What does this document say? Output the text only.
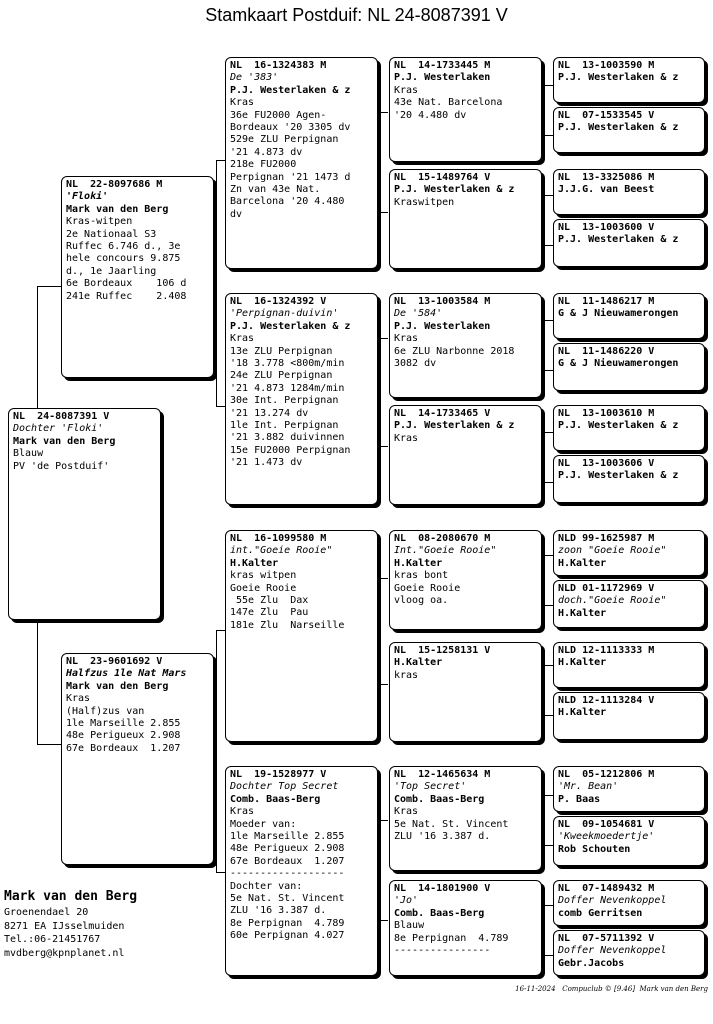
Stamkaart Postduif: NL 24-8087391 V
NL  24-8087391 V
Dochter 'Floki'
Mark van den Berg
Blauw
PV 'de Postduif'
NL  22-8097686 M
'Floki'
Mark van den Berg
Kras-witpen
2e Nationaal S3
Ruffec 6.746 d., 3e
hele concours 9.875
d., 1e Jaarling
6e Bordeaux    106 d
241e Ruffec    2.408
NL  23-9601692 V
Halfzus 1le Nat Mars
Mark van den Berg
Kras
(Half)zus van
1le Marseille 2.855
48e Perigueux 2.908
67e Bordeaux  1.207
NL  16-1324383 M
De '383'
P.J. Westerlaken & z
Kras
36e FU2000 Agen-
Bordeaux '20 3305 dv
529e ZLU Perpignan
'21 4.873 dv
218e FU2000
Perpignan '21 1473 d
Zn van 43e Nat.
Barcelona '20 4.480
dv
NL  16-1324392 V
'Perpignan-duivin'
P.J. Westerlaken & z
Kras
13e ZLU Perpignan
'18 3.778 <800m/min
24e ZLU Perpignan
'21 4.873 1284m/min
30e Int. Perpignan
'21 13.274 dv
1le Int. Perpignan
'21 3.882 duivinnen
15e FU2000 Perpignan
'21 1.473 dv
NL  16-1099580 M
int."Goeie Rooie"
H.Kalter
kras witpen
Goeie Rooie
55e Zlu  Dax
147e Zlu  Pau
181e Zlu  Narseille
NL  19-1528977 V
Dochter Top Secret
Comb. Baas-Berg
Kras
Moeder van:
1le Marseille 2.855
48e Perigueux 2.908
67e Bordeaux  1.207
-------------------
Dochter van:
5e Nat. St. Vincent
ZLU '16 3.387 d.
8e Perpignan  4.789
60e Perpignan 4.027
NL  14-1733445 M
P.J. Westerlaken
Kras
43e Nat. Barcelona
'20 4.480 dv
NL  15-1489764 V
P.J. Westerlaken & z
Kraswitpen
NL  13-1003584 M
De '584'
P.J. Westerlaken
Kras
6e ZLU Narbonne 2018
3082 dv
NL  14-1733465 V
P.J. Westerlaken & z
Kras
NL  08-2080670 M
Int."Goeie Rooie"
H.Kalter
kras bont
Goeie Rooie
vloog oa.
NL  15-1258131 V
H.Kalter
kras
NL  12-1465634 M
'Top Secret'
Comb. Baas-Berg
Kras
5e Nat. St. Vincent
ZLU '16 3.387 d.
NL  14-1801900 V
'Jo'
Comb. Baas-Berg
Blauw
8e Perpignan  4.789
----------------
NL  13-1003590 M
P.J. Westerlaken & z
NL  07-1533545 V
P.J. Westerlaken & z
NL  13-3325086 M
J.J.G. van Beest
NL  13-1003600 V
P.J. Westerlaken & z
NL  11-1486217 M
G & J Nieuwamerongen
NL  11-1486220 V
G & J Nieuwamerongen
NL  13-1003610 M
P.J. Westerlaken & z
NL  13-1003606 V
P.J. Westerlaken & z
NLD 99-1625987 M
zoon "Goeie Rooie"
H.Kalter
NLD 01-1172969 V
doch."Goeie Rooie"
H.Kalter
NLD 12-1113333 M
H.Kalter
NLD 12-1113284 V
H.Kalter
NL  05-1212806 M
'Mr. Bean'
P. Baas
NL  09-1054681 V
'Kweekmoedertje'
Rob Schouten
NL  07-1489432 M
Doffer Nevenkoppel
comb Gerritsen
NL  07-5711392 V
Doffer Nevenkoppel
Gebr.Jacobs
Mark van den Berg
Groenendael 20
8271 EA IJsselmuiden
Tel.:06-21451767
mvdberg@kpnplanet.nl
16-11-2024   Compuclub © [9.46]  Mark van den Berg
